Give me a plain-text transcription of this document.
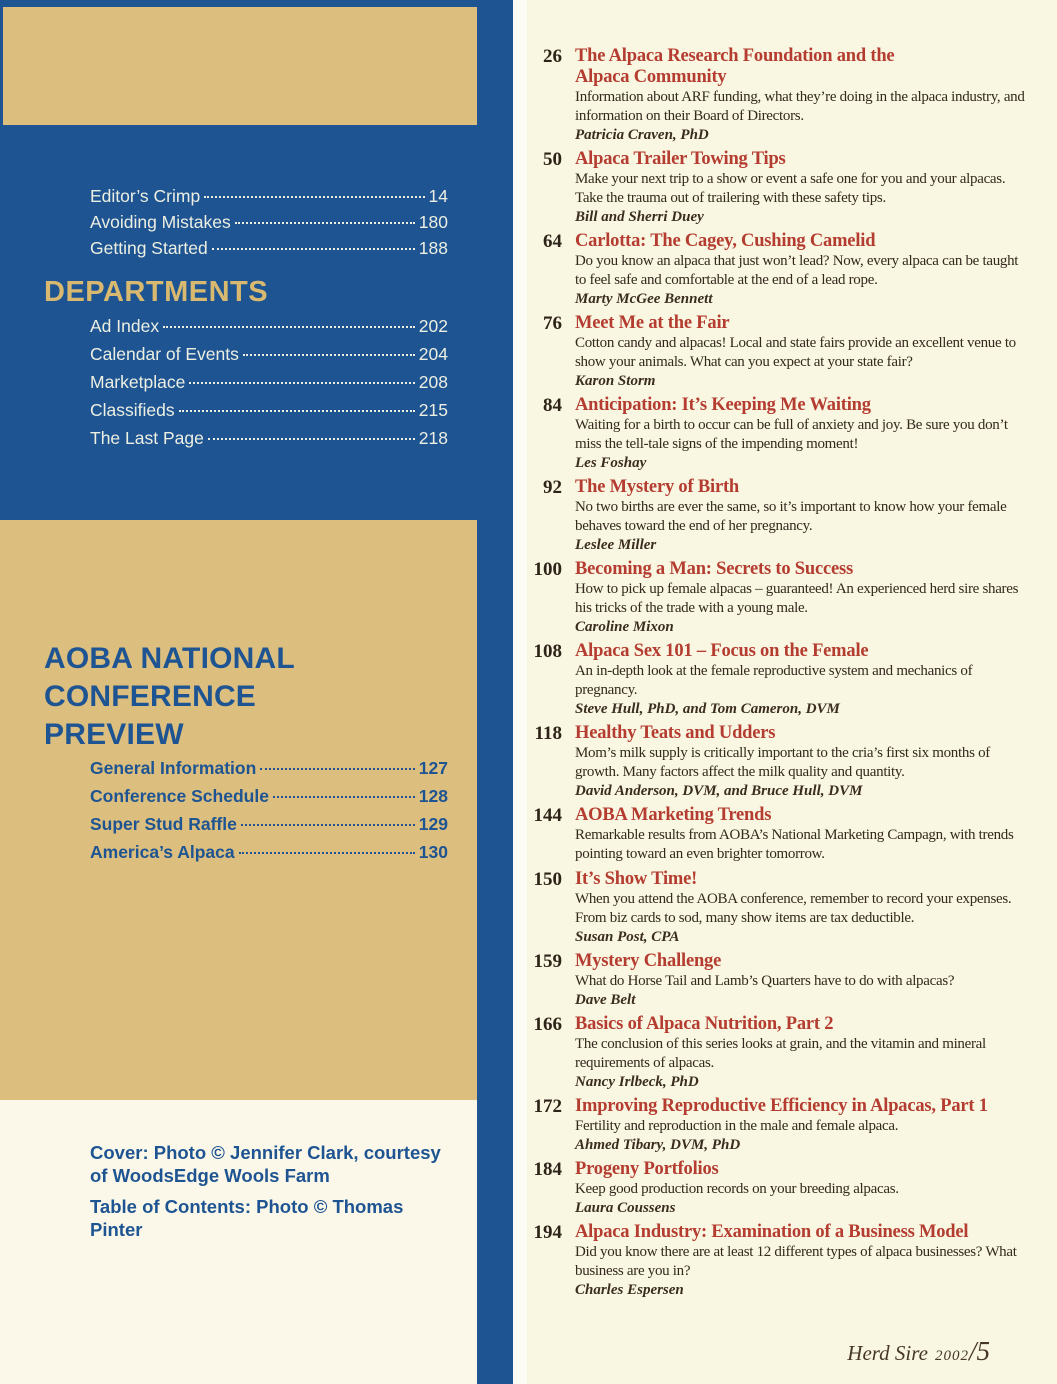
Editor’s Crimp	14
Avoiding Mistakes	180
Getting Started	188
DEPARTMENTS
Ad Index	202
Calendar of Events	204
Marketplace	208
Classifieds	215
The Last Page	218
AOBA NATIONAL
CONFERENCE
PREVIEW
General Information	127
Conference Schedule	128
Super Stud Raffle	129
America’s Alpaca	130

Cover: Photo © Jennifer Clark, courtesy of WoodsEdge Wools Farm

Table of Contents: Photo © Thomas Pinter

26 The Alpaca Research Foundation and the
Alpaca Community
Information about ARF funding, what they’re doing in the alpaca industry, and information on their Board of Directors.
Patricia Craven, PhD
50 Alpaca Trailer Towing Tips
Make your next trip to a show or event a safe one for you and your alpacas. Take the trauma out of trailering with these safety tips.
Bill and Sherri Duey
64 Carlotta: The Cagey, Cushing Camelid
Do you know an alpaca that just won’t lead? Now, every alpaca can be taught to feel safe and comfortable at the end of a lead rope.
Marty McGee Bennett
76 Meet Me at the Fair
Cotton candy and alpacas! Local and state fairs provide an excellent venue to show your animals. What can you expect at your state fair?
Karon Storm
84 Anticipation: It’s Keeping Me Waiting
Waiting for a birth to occur can be full of anxiety and joy. Be sure you don’t miss the tell-tale signs of the impending moment!
Les Foshay
92 The Mystery of Birth
No two births are ever the same, so it’s important to know how your female behaves toward the end of her pregnancy.
Leslee Miller
100 Becoming a Man: Secrets to Success
How to pick up female alpacas – guaranteed! An experienced herd sire shares his tricks of the trade with a young male.
Caroline Mixon
108 Alpaca Sex 101 – Focus on the Female
An in-depth look at the female reproductive system and mechanics of pregnancy.
Steve Hull, PhD, and Tom Cameron, DVM
118 Healthy Teats and Udders
Mom’s milk supply is critically important to the cria’s first six months of growth. Many factors affect the milk quality and quantity.
David Anderson, DVM, and Bruce Hull, DVM
144 AOBA Marketing Trends
Remarkable results from AOBA’s National Marketing Campagn, with trends pointing toward an even brighter tomorrow.
150 It’s Show Time!
When you attend the AOBA conference, remember to record your expenses. From biz cards to sod, many show items are tax deductible.
Susan Post, CPA
159 Mystery Challenge
What do Horse Tail and Lamb’s Quarters have to do with alpacas?
Dave Belt
166 Basics of Alpaca Nutrition, Part 2
The conclusion of this series looks at grain, and the vitamin and mineral requirements of alpacas.
Nancy Irlbeck, PhD
172 Improving Reproductive Efficiency in Alpacas, Part 1
Fertility and reproduction in the male and female alpaca.
Ahmed Tibary, DVM, PhD
184 Progeny Portfolios
Keep good production records on your breeding alpacas.
Laura Coussens
194 Alpaca Industry: Examination of a Business Model
Did you know there are at least 12 different types of alpaca businesses? What business are you in?
Charles Espersen
Herd Sire 2002 /5
